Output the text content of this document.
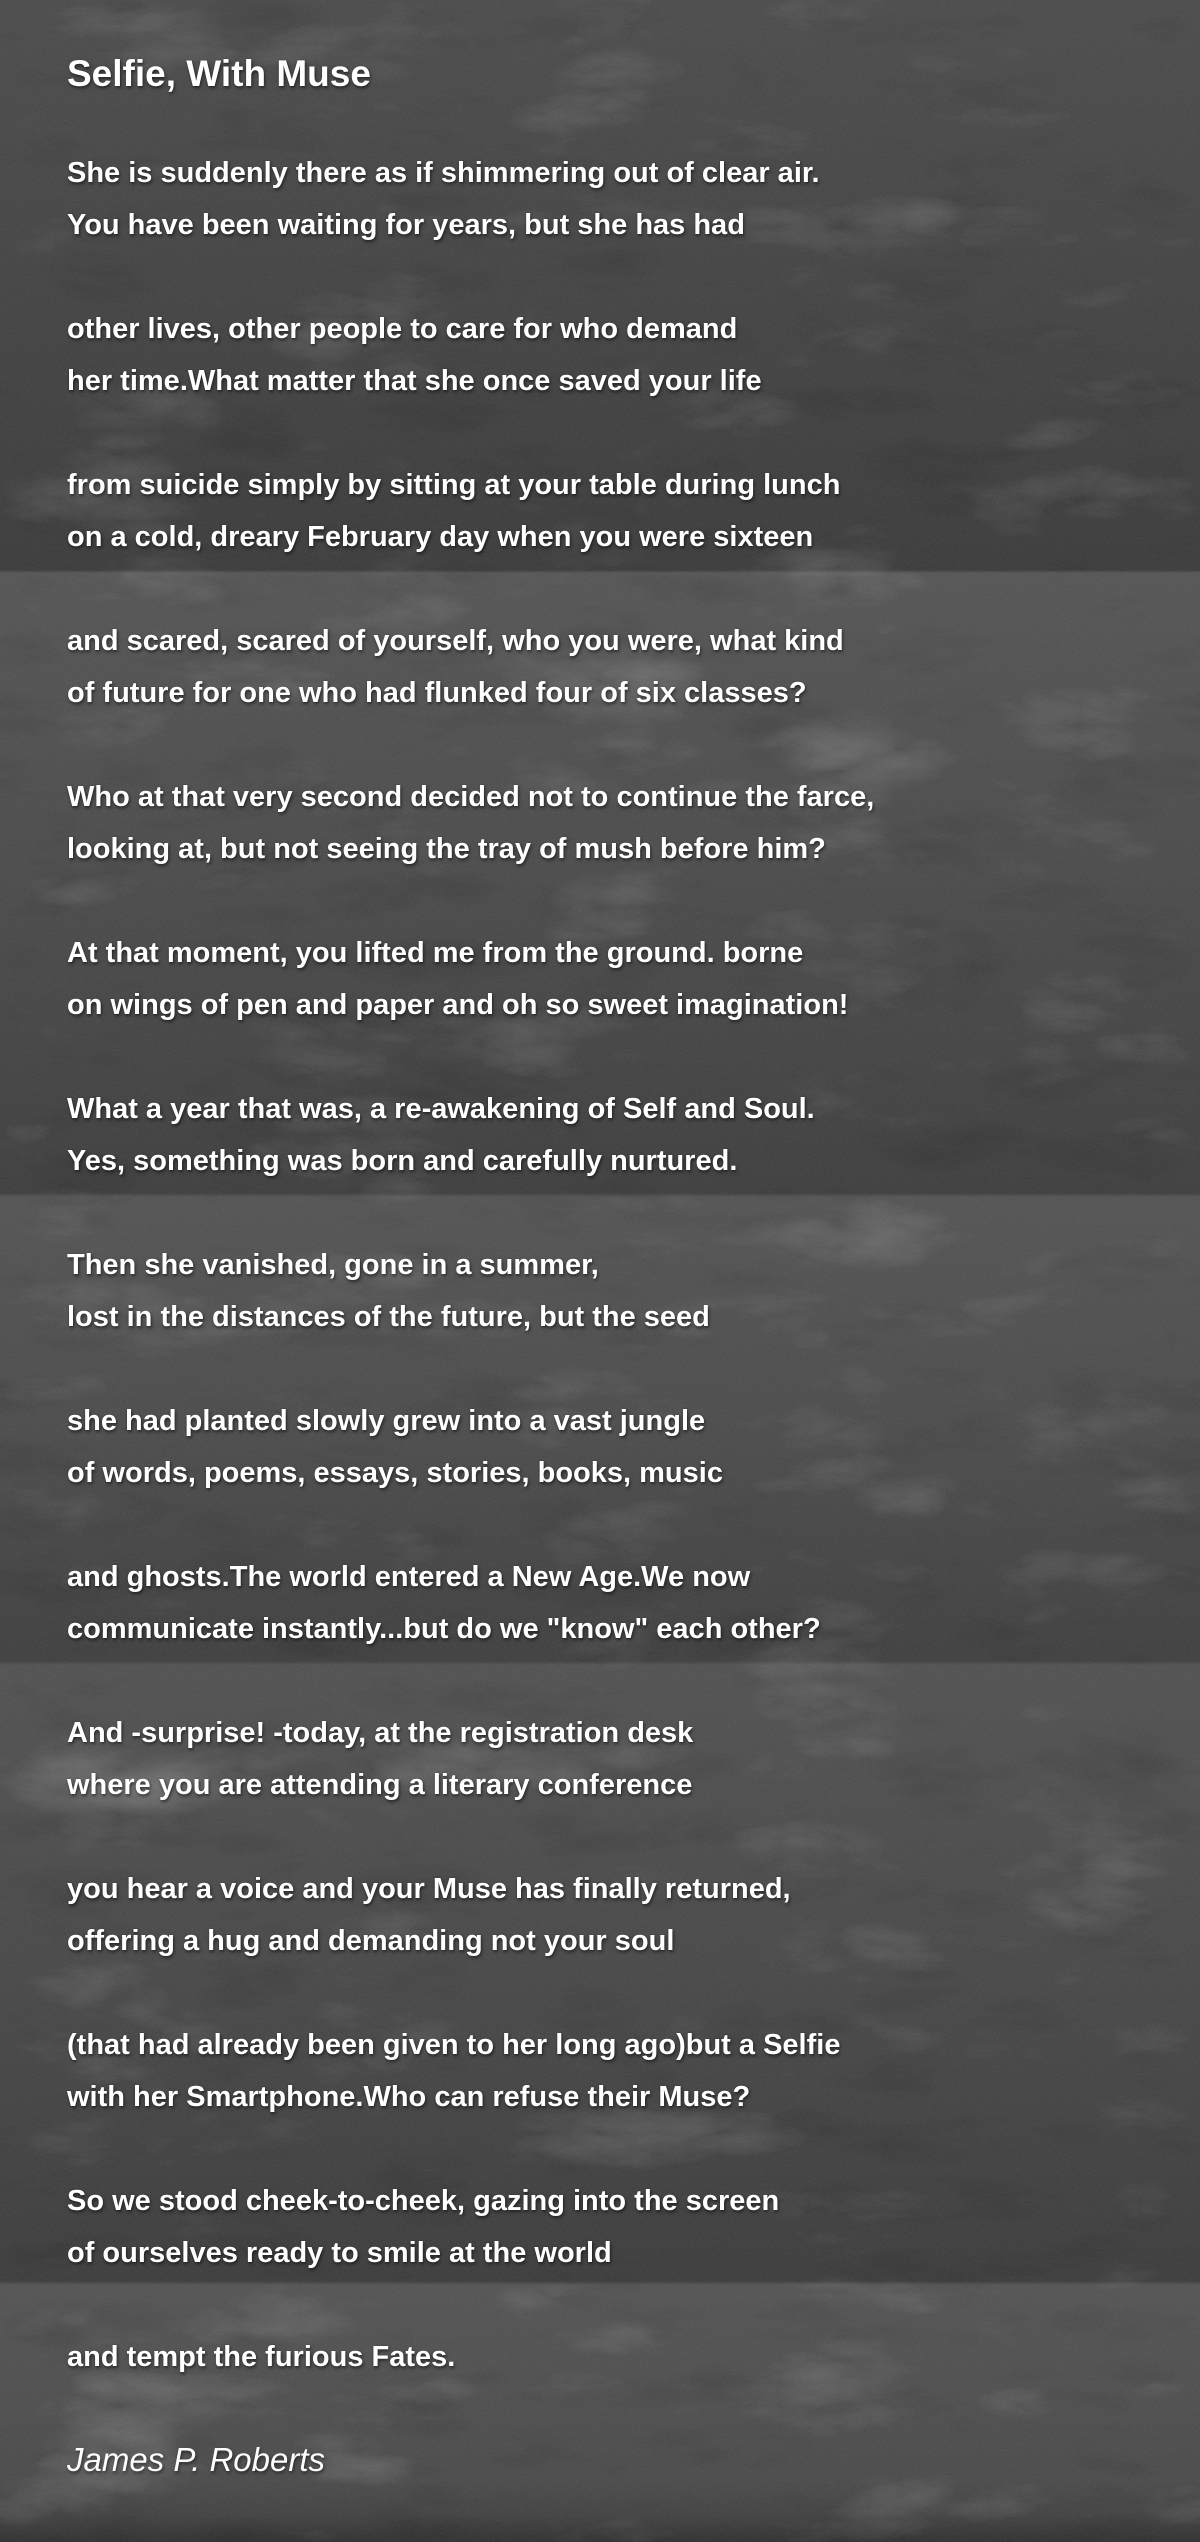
Selfie, With Muse

She is suddenly there as if shimmering out of clear air.

You have been waiting for years, but she has had

other lives, other people to care for who demand

her time.What matter that she once saved your life

from suicide simply by sitting at your table during lunch

on a cold, dreary February day when you were sixteen

and scared, scared of yourself, who you were, what kind

of future for one who had flunked four of six classes?

Who at that very second decided not to continue the farce,

looking at, but not seeing the tray of mush before him?

At that moment, you lifted me from the ground. borne

on wings of pen and paper and oh so sweet imagination!

What a year that was, a re-awakening of Self and Soul.

Yes, something was born and carefully nurtured.

Then she vanished, gone in a summer,

lost in the distances of the future, but the seed

she had planted slowly grew into a vast jungle

of words, poems, essays, stories, books, music

and ghosts.The world entered a New Age.We now

communicate instantly...but do we "know" each other?

And -surprise! -today, at the registration desk

where you are attending a literary conference

you hear a voice and your Muse has finally returned,

offering a hug and demanding not your soul

(that had already been given to her long ago)but a Selfie

with her Smartphone.Who can refuse their Muse?

So we stood cheek-to-cheek, gazing into the screen

of ourselves ready to smile at the world

and tempt the furious Fates.

James P. Roberts
